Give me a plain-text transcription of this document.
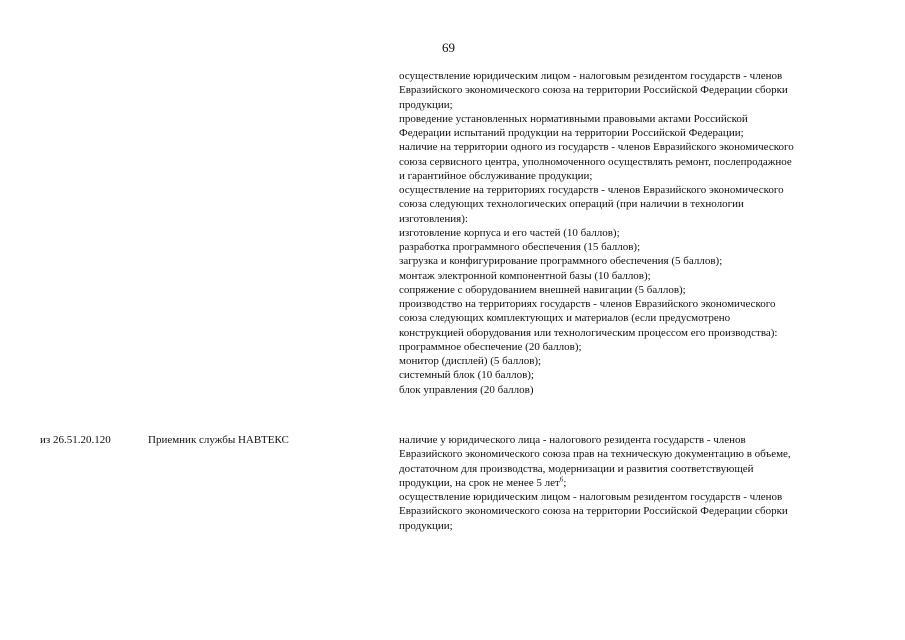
69
осуществление юридическим лицом - налоговым резидентом государств - членов
Евразийского экономического союза на территории Российской Федерации сборки
продукции;
проведение установленных нормативными правовыми актами Российской
Федерации испытаний продукции на территории Российской Федерации;
наличие на территории одного из государств - членов Евразийского экономического
союза сервисного центра, уполномоченного осуществлять ремонт, послепродажное
и гарантийное обслуживание продукции;
осуществление на территориях государств - членов Евразийского экономического
союза следующих технологических операций (при наличии в технологии
изготовления):
изготовление корпуса и его частей (10 баллов);
разработка программного обеспечения (15 баллов);
загрузка и конфигурирование программного обеспечения (5 баллов);
монтаж электронной компонентной базы (10 баллов);
сопряжение с оборудованием внешней навигации (5 баллов);
производство на территориях государств - членов Евразийского экономического
союза следующих комплектующих и материалов (если предусмотрено
конструкцией оборудования или технологическим процессом его производства):
программное обеспечение (20 баллов);
монитор (дисплей) (5 баллов);
системный блок (10 баллов);
блок управления (20 баллов)
из 26.51.20.120	Приемник службы НАВТЕКС	наличие у юридического лица - налогового резидента государств - членов
Евразийского экономического союза прав на техническую документацию в объеме,
достаточном для производства, модернизации и развития соответствующей
продукции, на срок не менее 5 лет$^6$;
осуществление юридическим лицом - налоговым резидентом государств - членов
Евразийского экономического союза на территории Российской Федерации сборки
продукции;
